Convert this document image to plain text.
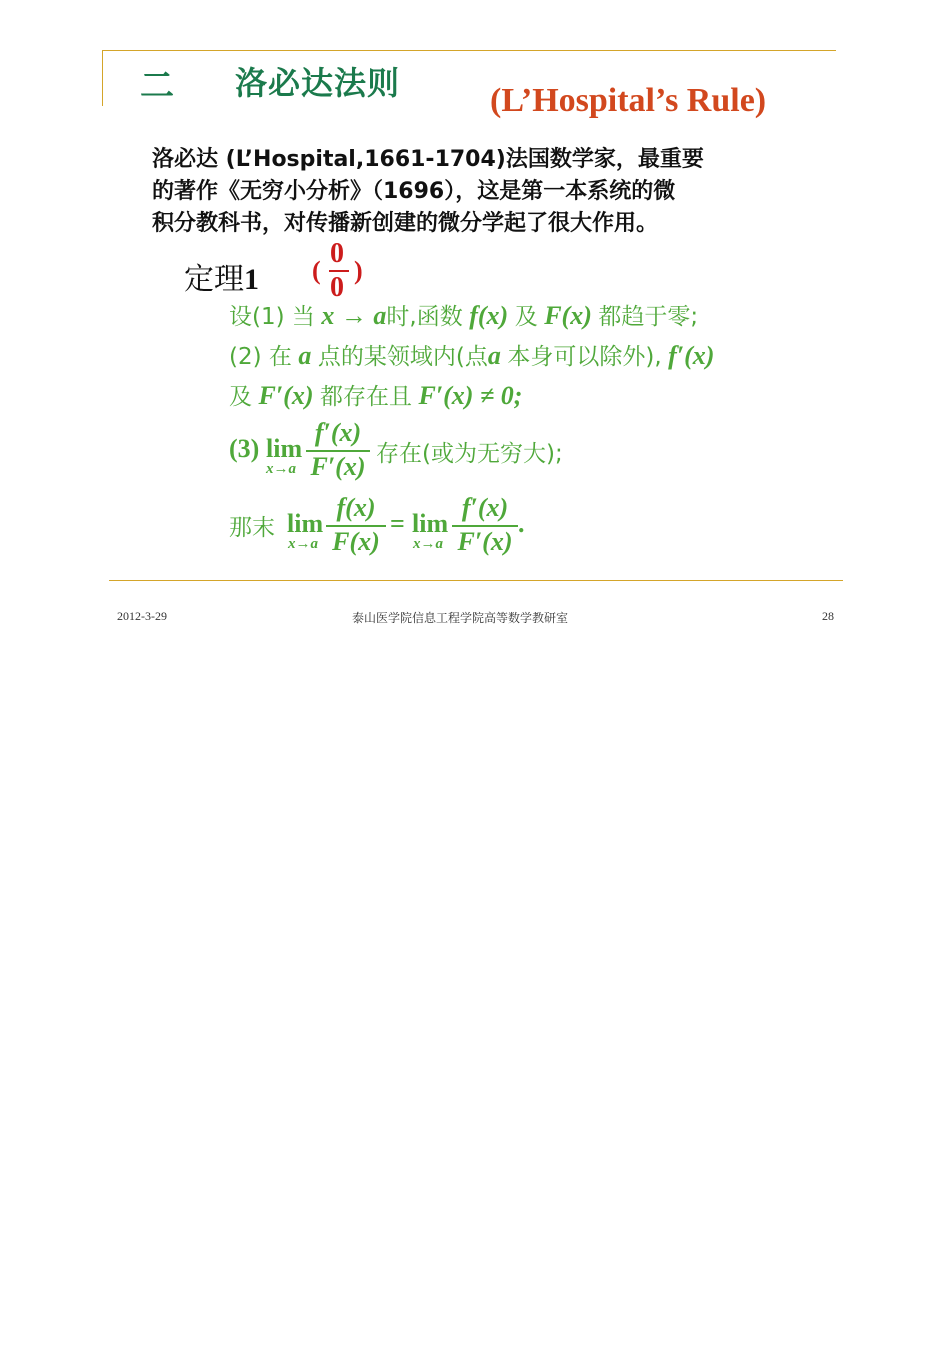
二 洛必达法则	(L’Hospital’s Rule)
洛必达 (L’Hospital,1661-1704)法国数学家，最重要
的著作《无穷小分析》（1696），这是第一本系统的微
积分教科书，对传播新创建的微分学起了很大作用。
定理1 (
0
0
)
设(1) 当 x → a时,函数 f(x) 及 F(x) 都趋于零;
(2) 在 a 点的某领域内(点a 本身可以除外), f′(x)
及 F′(x) 都存在且 F′(x) ≠ 0;
(3) lim
x→a
f′(x)
F′(x) 存在(或为无穷大);
那末 lim
x→a
f(x)
F(x)
= lim
x→a
f′(x)
F′(x)
.
2012-3-29	泰山医学院信息工程学院高等数学教研室	28
